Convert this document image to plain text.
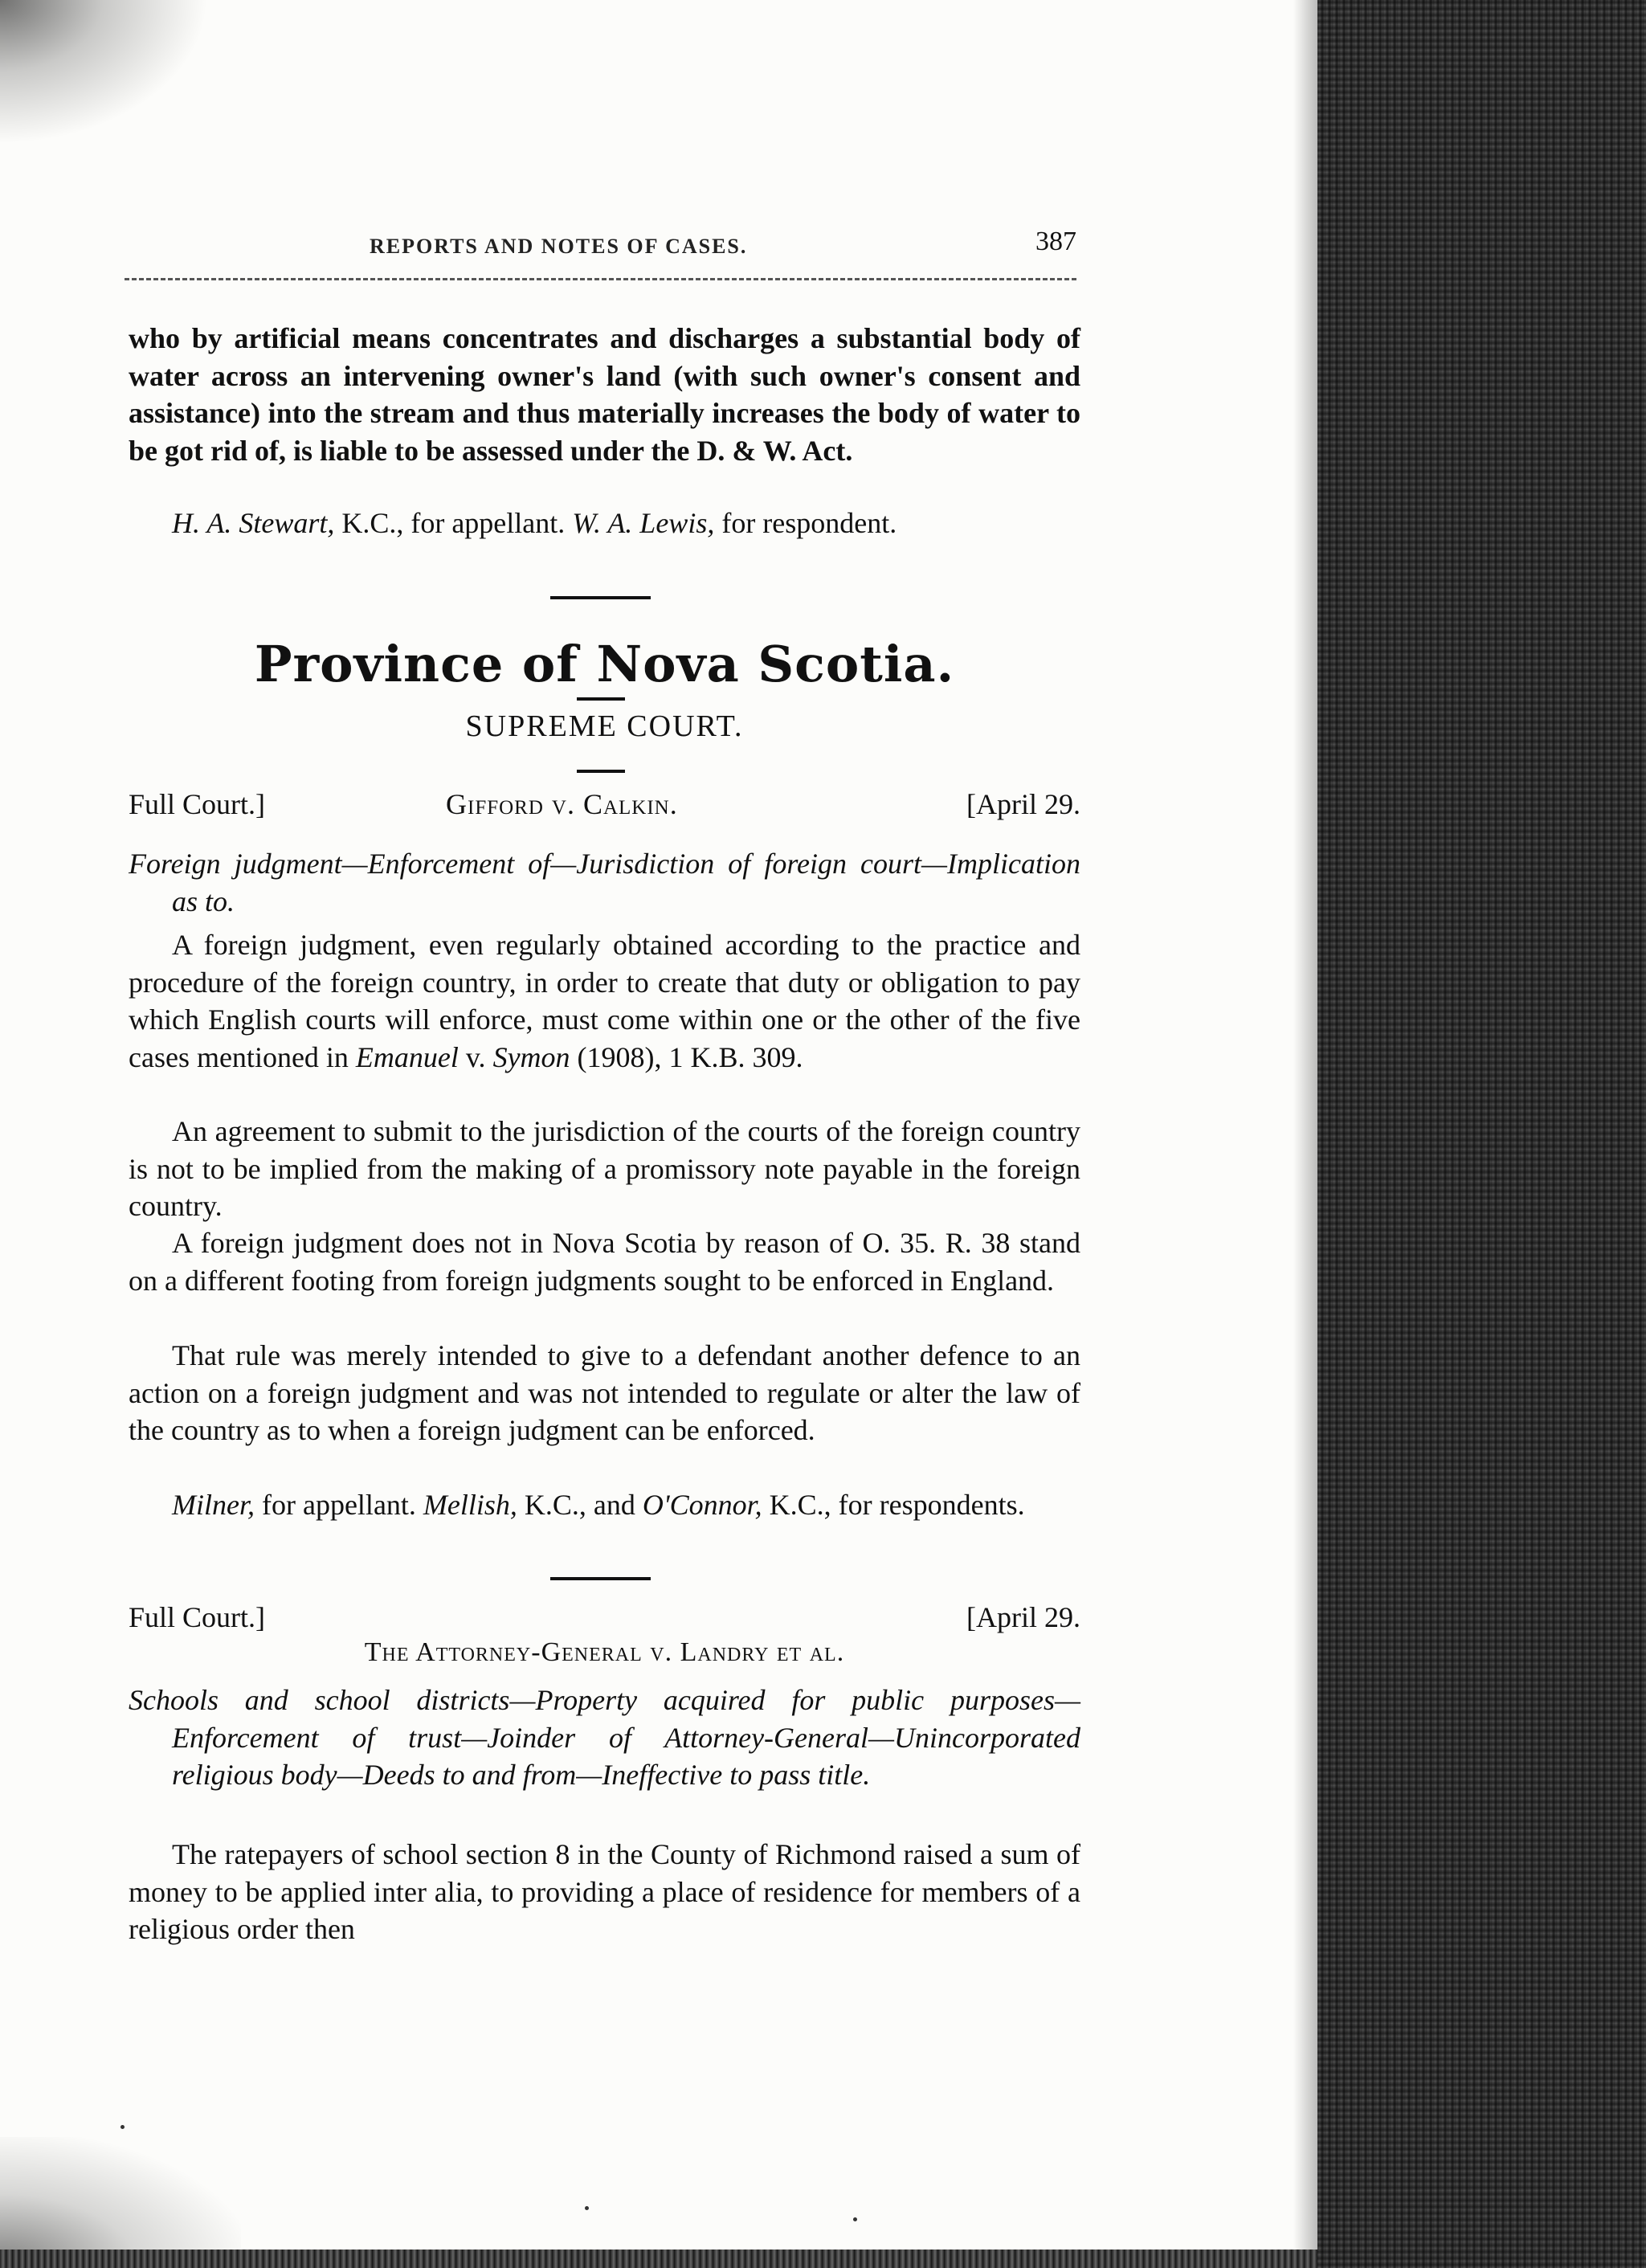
REPORTS AND NOTES OF CASES.	387
who by artificial means concentrates and discharges a substantial body of water across an intervening owner's land (with such owner's consent and assistance) into the stream and thus materially increases the body of water to be got rid of, is liable to be assessed under the D. & W. Act.
H. A. Stewart, K.C., for appellant. W. A. Lewis, for respondent.
Province of Nova Scotia.
SUPREME COURT.
Full Court.]	Gifford v. Calkin.	[April 29.
Foreign judgment—Enforcement of—Jurisdiction of foreign court—Implication as to.
A foreign judgment, even regularly obtained according to the practice and procedure of the foreign country, in order to create that duty or obligation to pay which English courts will enforce, must come within one or the other of the five cases mentioned in Emanuel v. Symon (1908), 1 K.B. 309.
An agreement to submit to the jurisdiction of the courts of the foreign country is not to be implied from the making of a promissory note payable in the foreign country.
A foreign judgment does not in Nova Scotia by reason of O. 35. R. 38 stand on a different footing from foreign judgments sought to be enforced in England.
That rule was merely intended to give to a defendant another defence to an action on a foreign judgment and was not intended to regulate or alter the law of the country as to when a foreign judgment can be enforced.
Milner, for appellant. Mellish, K.C., and O'Connor, K.C., for respondents.
Full Court.]	[April 29.
The Attorney-General v. Landry et al.
Schools and school districts—Property acquired for public purposes—Enforcement of trust—Joinder of Attorney-General—Unincorporated religious body—Deeds to and from—Ineffective to pass title.
The ratepayers of school section 8 in the County of Richmond raised a sum of money to be applied inter alia, to providing a place of residence for members of a religious order then
